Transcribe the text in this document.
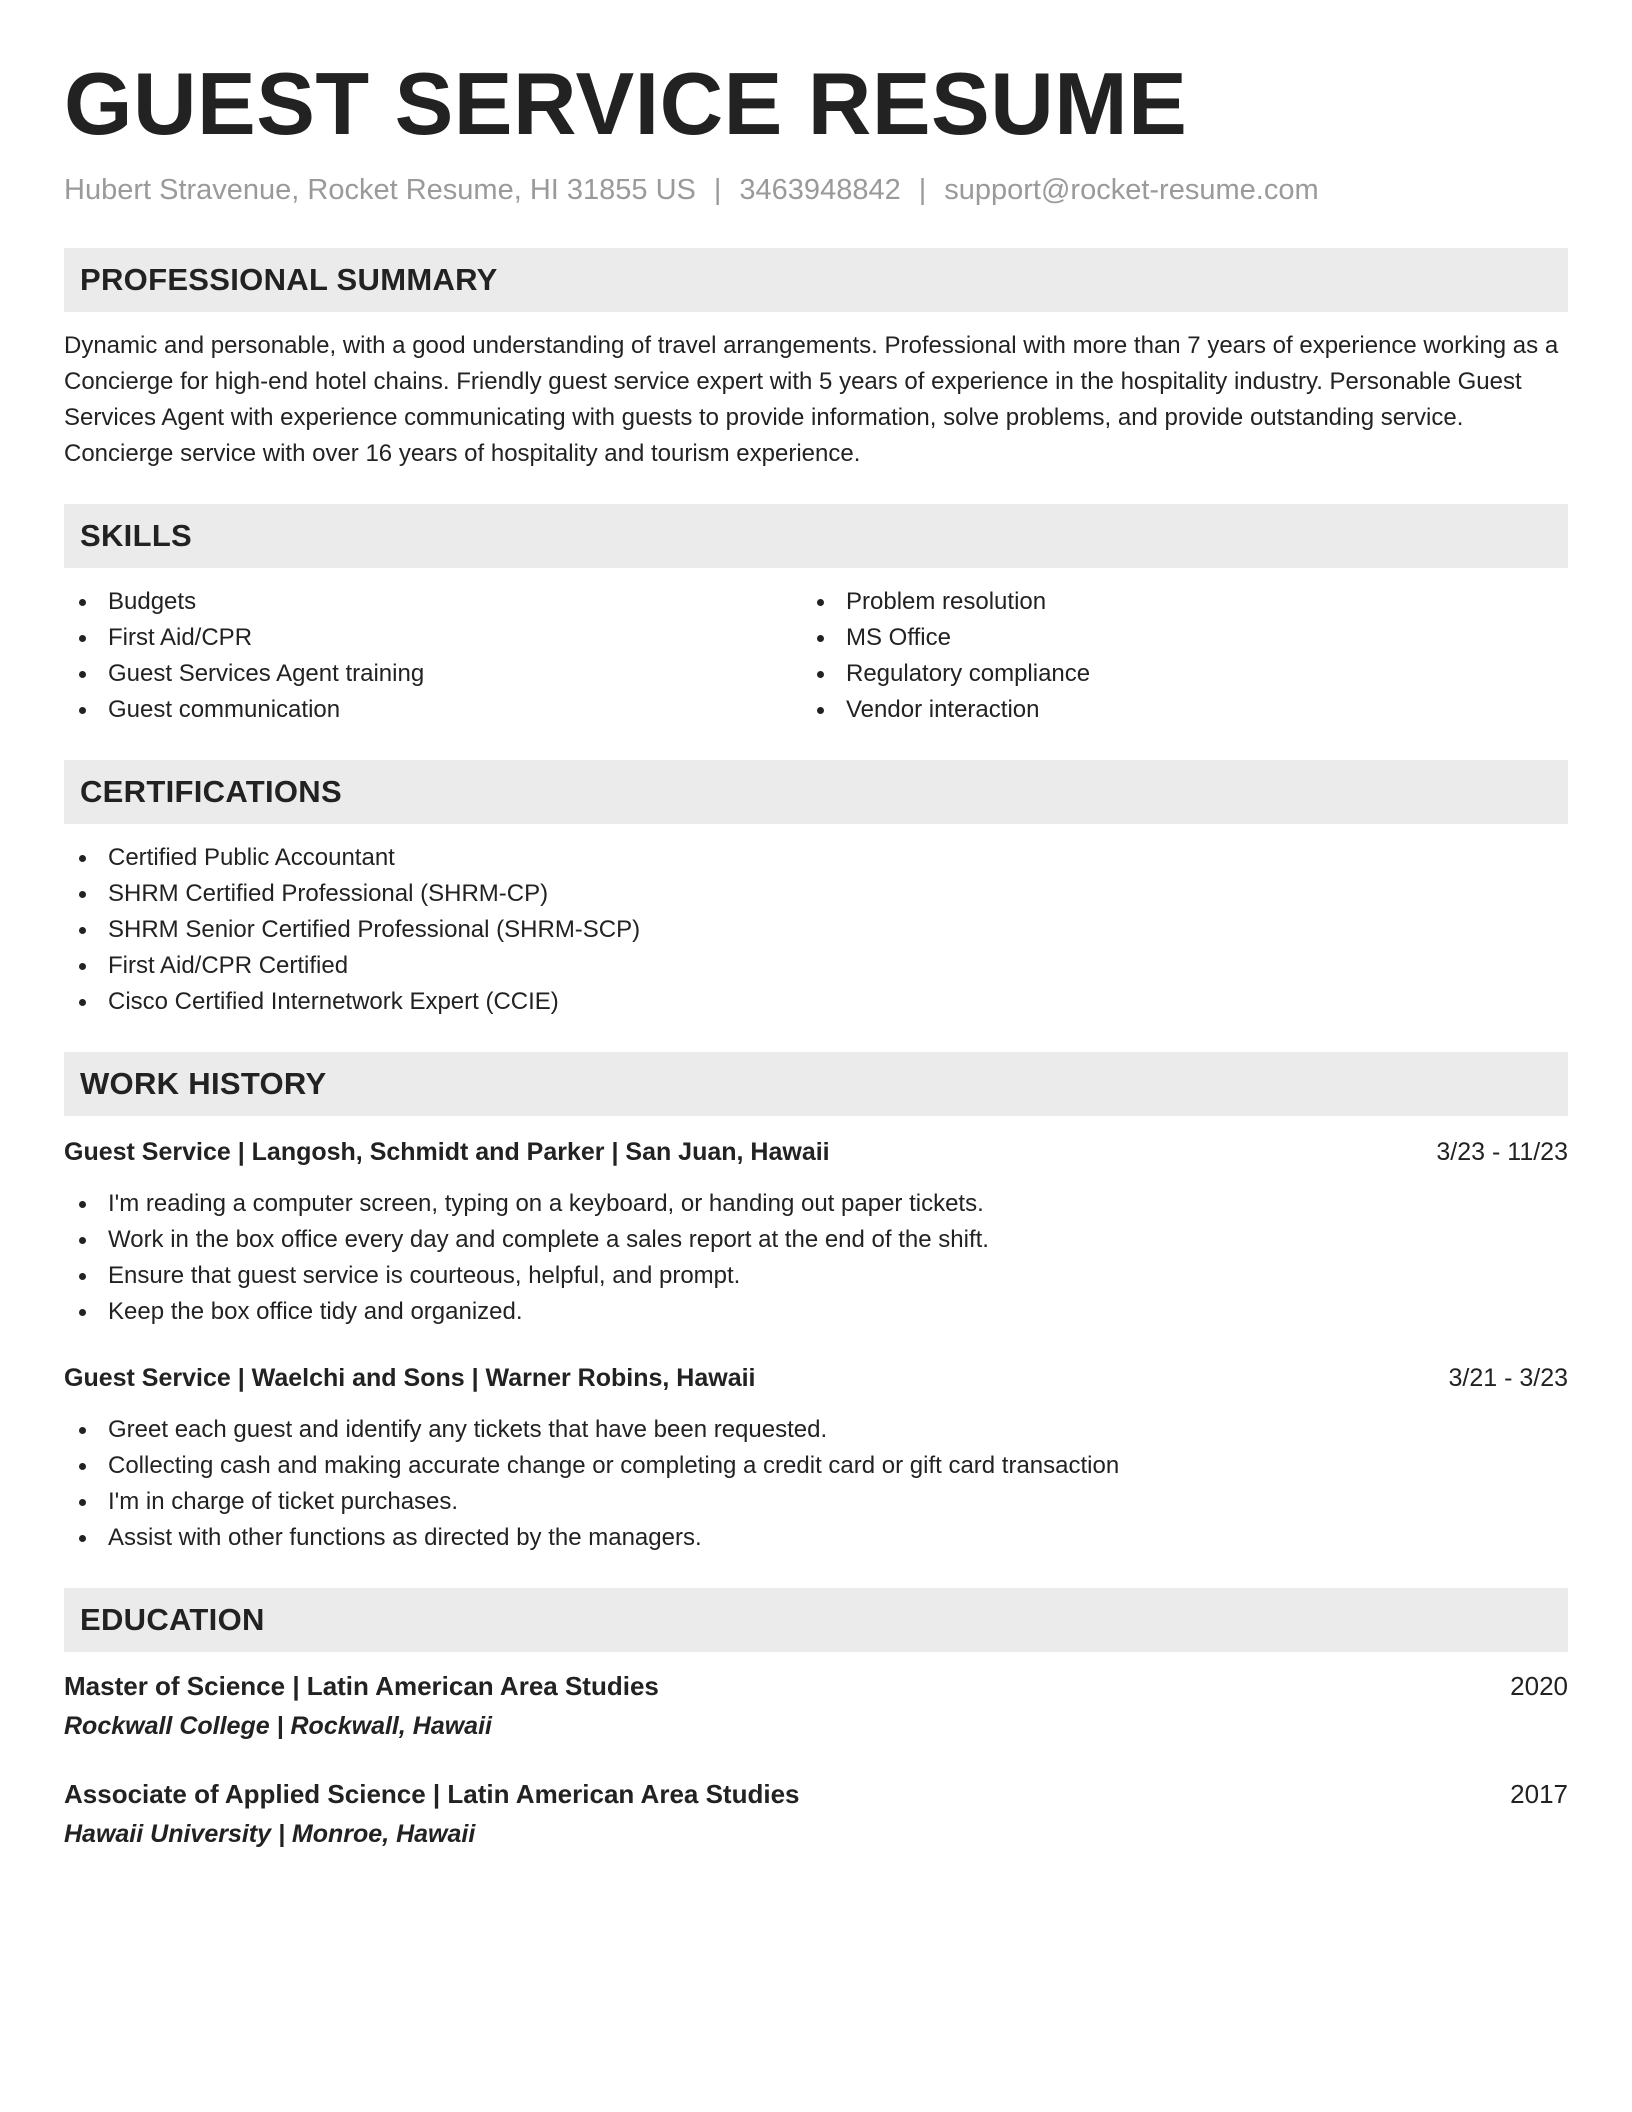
GUEST SERVICE RESUME
Hubert Stravenue, Rocket Resume, HI 31855 US | 3463948842 | support@rocket-resume.com
PROFESSIONAL SUMMARY

Dynamic and personable, with a good understanding of travel arrangements. Professional with more than 7 years of experience working as a Concierge for high-end hotel chains. Friendly guest service expert with 5 years of experience in the hospitality industry. Personable Guest Services Agent with experience communicating with guests to provide information, solve problems, and provide outstanding service. Concierge service with over 16 years of hospitality and tourism experience.

SKILLS
Budgets
First Aid/CPR
Guest Services Agent training
Guest communication
Problem resolution
MS Office
Regulatory compliance
Vendor interaction
CERTIFICATIONS
Certified Public Accountant
SHRM Certified Professional (SHRM-CP)
SHRM Senior Certified Professional (SHRM-SCP)
First Aid/CPR Certified
Cisco Certified Internetwork Expert (CCIE)
WORK HISTORY
Guest Service | Langosh, Schmidt and Parker | San Juan, Hawaii	3/23 - 11/23
I'm reading a computer screen, typing on a keyboard, or handing out paper tickets.
Work in the box office every day and complete a sales report at the end of the shift.
Ensure that guest service is courteous, helpful, and prompt.
Keep the box office tidy and organized.
Guest Service | Waelchi and Sons | Warner Robins, Hawaii	3/21 - 3/23
Greet each guest and identify any tickets that have been requested.
Collecting cash and making accurate change or completing a credit card or gift card transaction
I'm in charge of ticket purchases.
Assist with other functions as directed by the managers.
EDUCATION
Master of Science | Latin American Area Studies	2020
Rockwall College | Rockwall, Hawaii
Associate of Applied Science | Latin American Area Studies	2017
Hawaii University | Monroe, Hawaii
